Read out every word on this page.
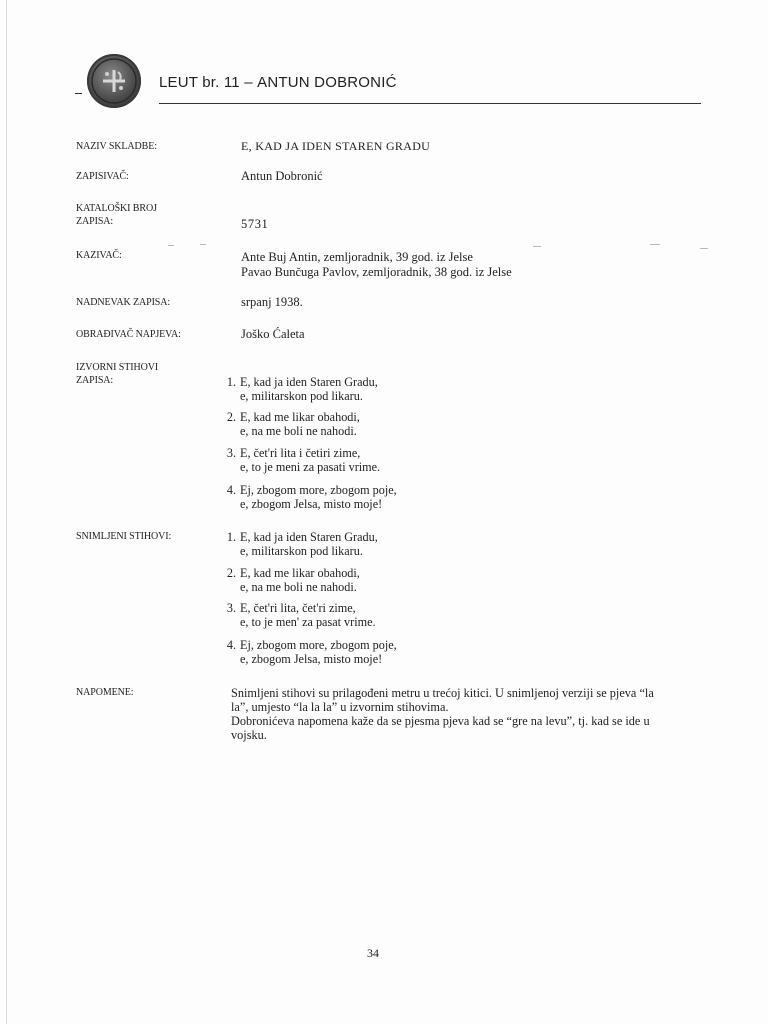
LEUT br. 11 – ANTUN DOBRONIĆ
NAZIV SKLADBE:	E, KAD JA IDEN STAREN GRADU
ZAPISIVAČ:	Antun Dobronić
KATALOŠKI BROJ
ZAPISA:	5731
KAZIVAČ:	Ante Buj Antin, zemljoradnik, 39 god. iz Jelse
Pavao Bunčuga Pavlov, zemljoradnik, 38 god. iz Jelse
NADNEVAK ZAPISA:	srpanj 1938.
OBRAĐIVAČ NAPJEVA:	Joško Ćaleta
IZVORNI STIHOVI
ZAPISA:	1. E, kad ja iden Staren Gradu,
e, militarskon pod likaru.
2. E, kad me likar obahodi,
e, na me boli ne nahodi.
3. E, čet'ri lita i četiri zime,
e, to je meni za pasati vrime.
4. Ej, zbogom more, zbogom poje,
e, zbogom Jelsa, misto moje!
SNIMLJENI STIHOVI:	1. E, kad ja iden Staren Gradu,
e, militarskon pod likaru.
2. E, kad me likar obahodi,
e, na me boli ne nahodi.
3. E, čet'ri lita, čet'ri zime,
e, to je men' za pasat vrime.
4. Ej, zbogom more, zbogom poje,
e, zbogom Jelsa, misto moje!
NAPOMENE:	Snimljeni stihovi su prilagođeni metru u trećoj kitici. U snimljenoj verziji se pjeva “la
la”, umjesto “la la la” u izvornim stihovima.
Dobronićeva napomena kaže da se pjesma pjeva kad se “gre na levu”, tj. kad se ide u
vojsku.
34
